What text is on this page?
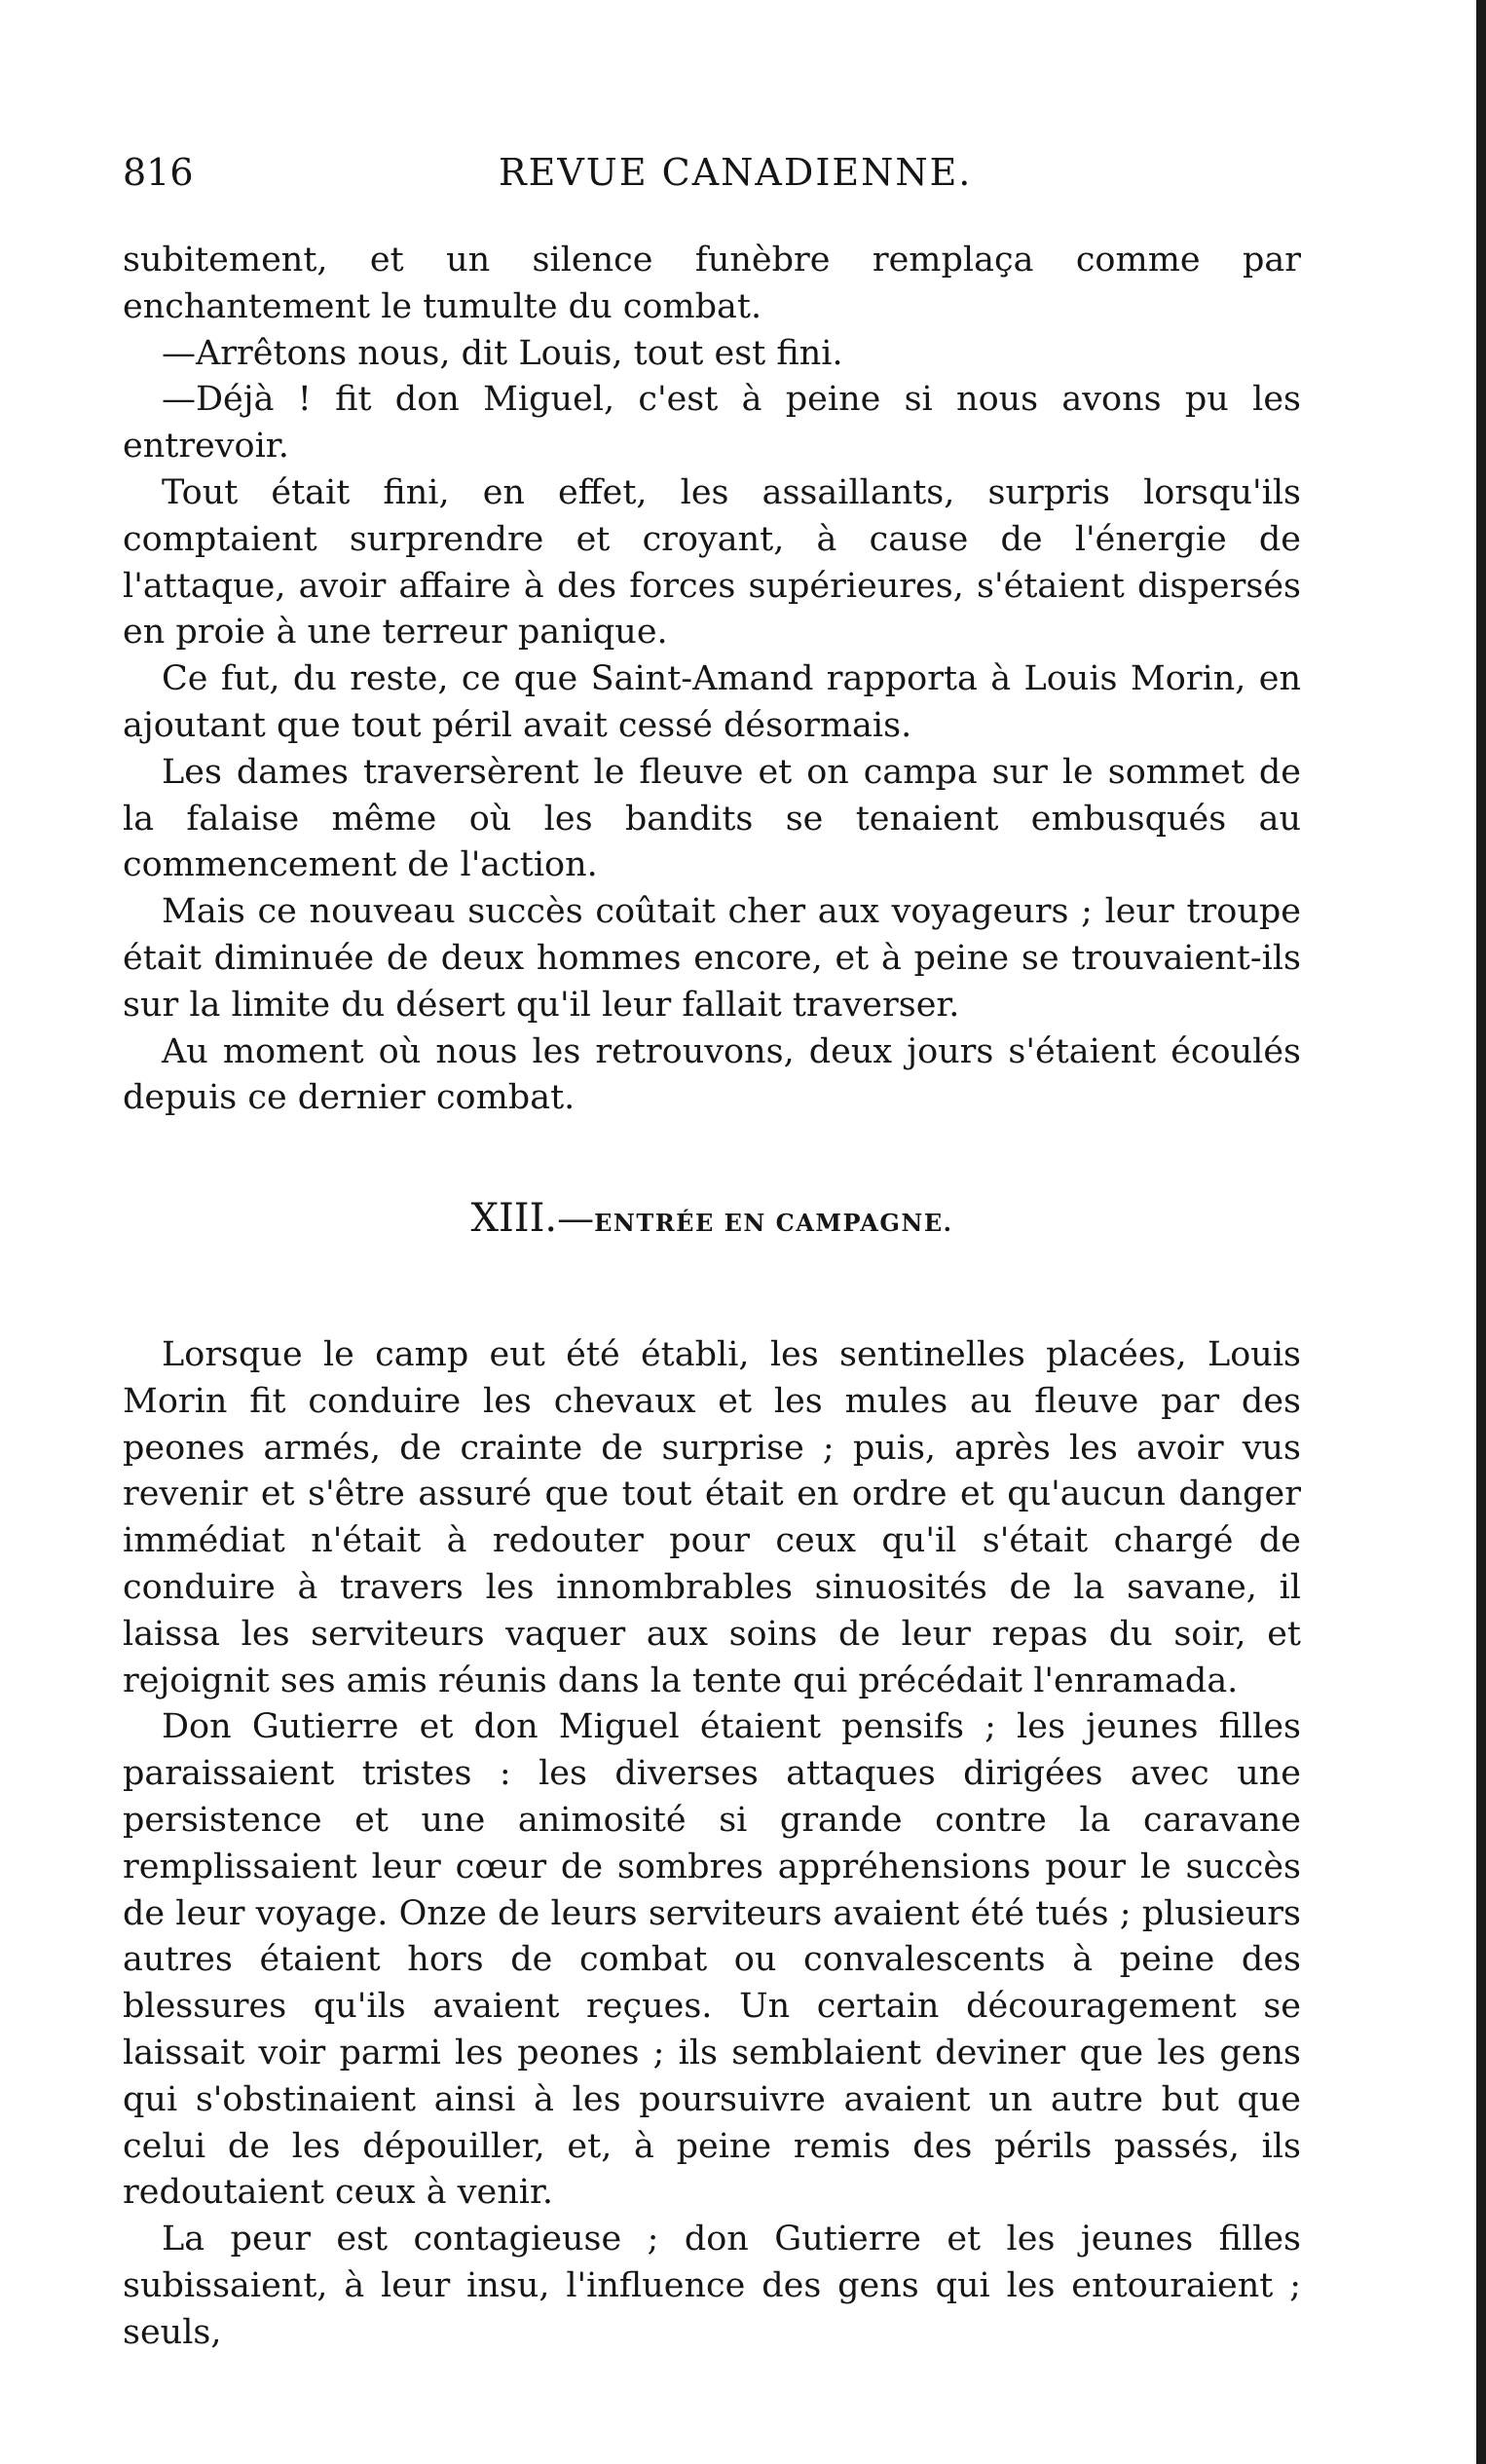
816	REVUE CANADIENNE.

subitement, et un silence funèbre remplaça comme par enchantement le tumulte du combat.

—Arrêtons nous, dit Louis, tout est fini.

—Déjà ! fit don Miguel, c'est à peine si nous avons pu les entrevoir.

Tout était fini, en effet, les assaillants, surpris lorsqu'ils comptaient surprendre et croyant, à cause de l'énergie de l'attaque, avoir affaire à des forces supérieures, s'étaient dispersés en proie à une terreur panique.

Ce fut, du reste, ce que Saint-Amand rapporta à Louis Morin, en ajoutant que tout péril avait cessé désormais.

Les dames traversèrent le fleuve et on campa sur le sommet de la falaise même où les bandits se tenaient embusqués au commencement de l'action.

Mais ce nouveau succès coûtait cher aux voyageurs ; leur troupe était diminuée de deux hommes encore, et à peine se trouvaient-ils sur la limite du désert qu'il leur fallait traverser.

Au moment où nous les retrouvons, deux jours s'étaient écoulés depuis ce dernier combat.

XIII.—ENTRÉE EN CAMPAGNE.

Lorsque le camp eut été établi, les sentinelles placées, Louis Morin fit conduire les chevaux et les mules au fleuve par des peones armés, de crainte de surprise ; puis, après les avoir vus revenir et s'être assuré que tout était en ordre et qu'aucun danger immédiat n'était à redouter pour ceux qu'il s'était chargé de conduire à travers les innombrables sinuosités de la savane, il laissa les serviteurs vaquer aux soins de leur repas du soir, et rejoignit ses amis réunis dans la tente qui précédait l'enramada.

Don Gutierre et don Miguel étaient pensifs ; les jeunes filles paraissaient tristes : les diverses attaques dirigées avec une persistence et une animosité si grande contre la caravane remplissaient leur cœur de sombres appréhensions pour le succès de leur voyage. Onze de leurs serviteurs avaient été tués ; plusieurs autres étaient hors de combat ou convalescents à peine des blessures qu'ils avaient reçues. Un certain découragement se laissait voir parmi les peones ; ils semblaient deviner que les gens qui s'obstinaient ainsi à les poursuivre avaient un autre but que celui de les dépouiller, et, à peine remis des périls passés, ils redoutaient ceux à venir.

La peur est contagieuse ; don Gutierre et les jeunes filles subissaient, à leur insu, l'influence des gens qui les entouraient ; seuls,
